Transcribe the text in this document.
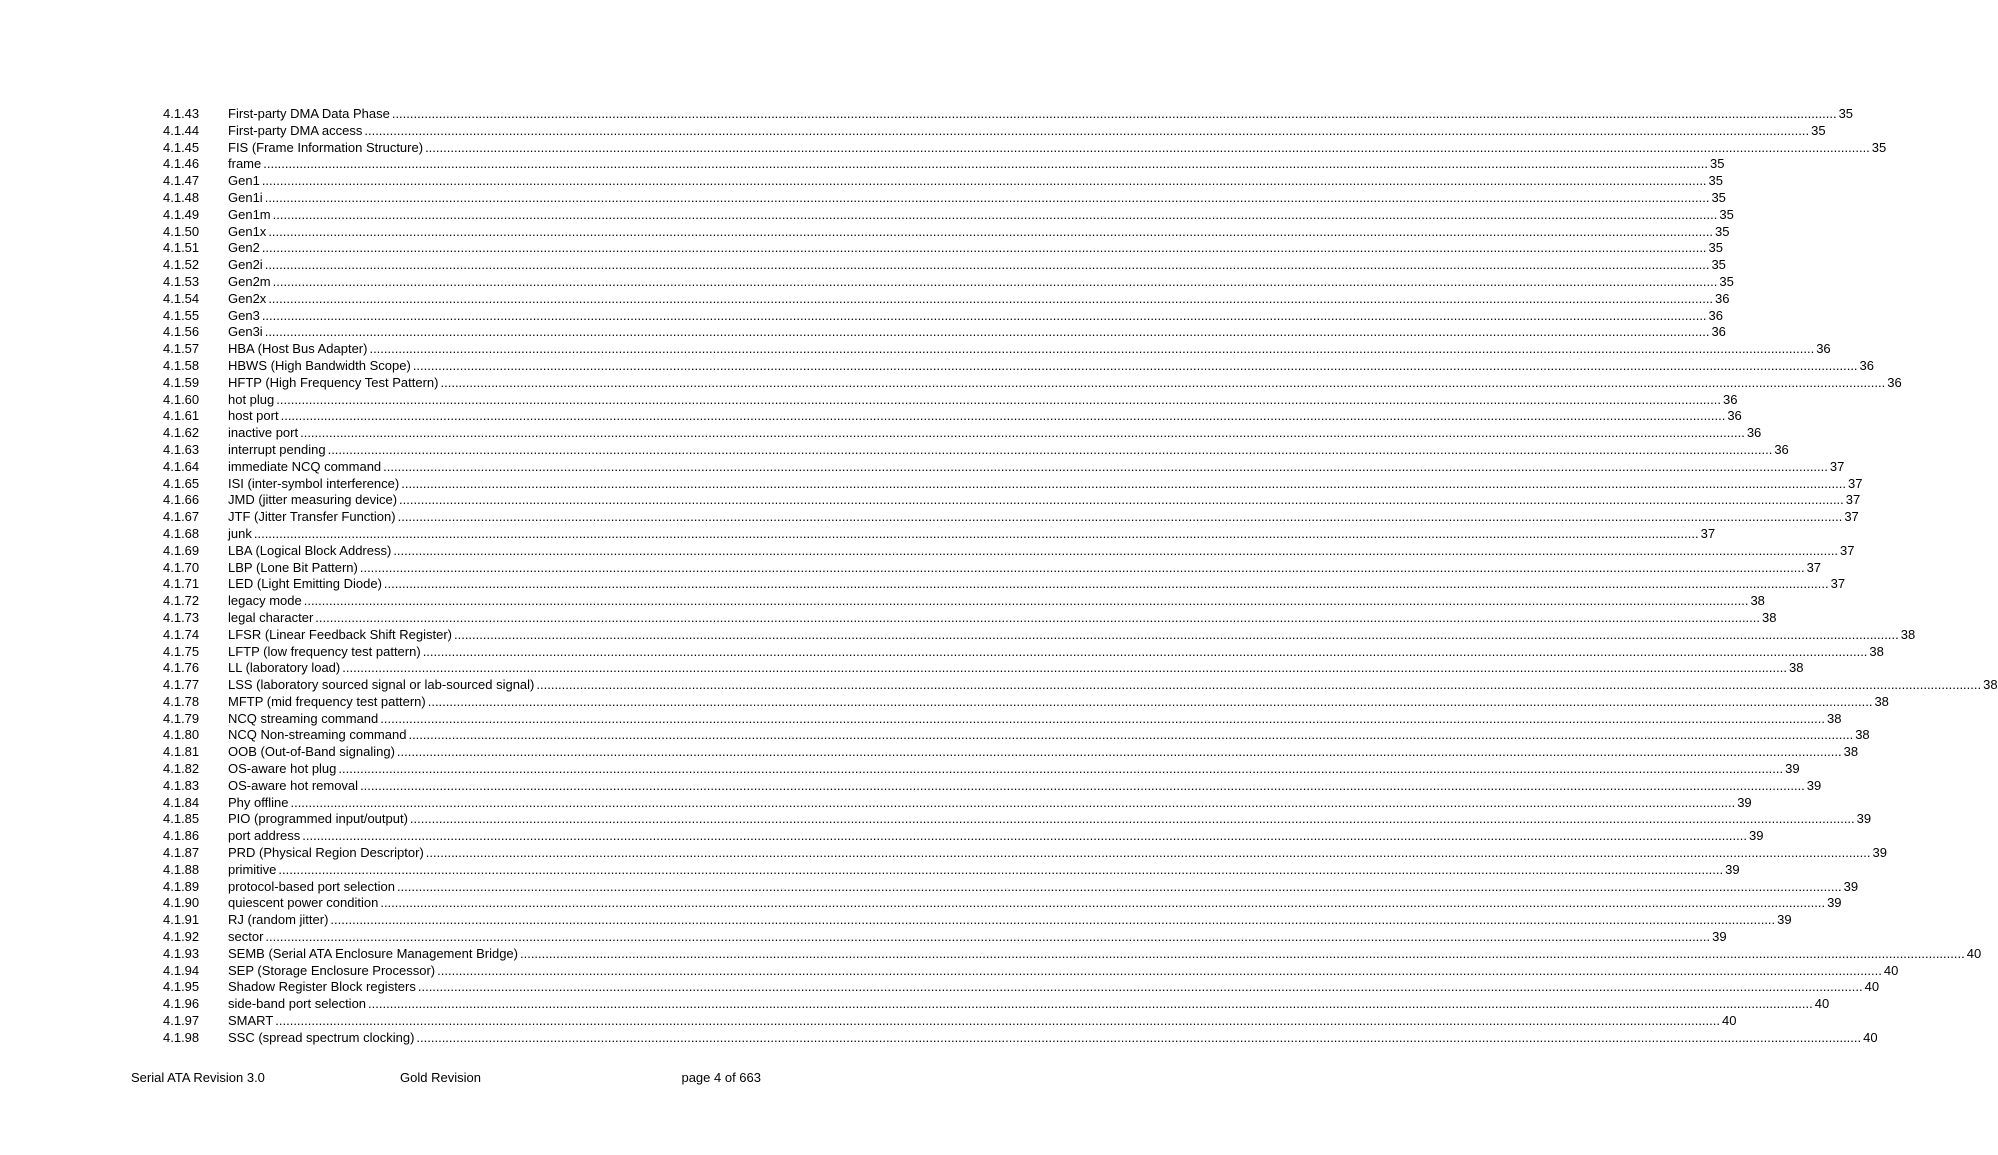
4.1.43 First-party DMA Data Phase ................................................................................................................................................................................................................................................................................................................................................................................................................ 35
4.1.44 First-party DMA access ................................................................................................................................................................................................................................................................................................................................................................................................................ 35
4.1.45 FIS (Frame Information Structure) ................................................................................................................................................................................................................................................................................................................................................................................................................ 35
4.1.46 frame ................................................................................................................................................................................................................................................................................................................................................................................................................ 35
4.1.47 Gen1 ................................................................................................................................................................................................................................................................................................................................................................................................................ 35
4.1.48 Gen1i ................................................................................................................................................................................................................................................................................................................................................................................................................ 35
4.1.49 Gen1m ................................................................................................................................................................................................................................................................................................................................................................................................................ 35
4.1.50 Gen1x ................................................................................................................................................................................................................................................................................................................................................................................................................ 35
4.1.51 Gen2 ................................................................................................................................................................................................................................................................................................................................................................................................................ 35
4.1.52 Gen2i ................................................................................................................................................................................................................................................................................................................................................................................................................ 35
4.1.53 Gen2m ................................................................................................................................................................................................................................................................................................................................................................................................................ 35
4.1.54 Gen2x ................................................................................................................................................................................................................................................................................................................................................................................................................ 36
4.1.55 Gen3 ................................................................................................................................................................................................................................................................................................................................................................................................................ 36
4.1.56 Gen3i ................................................................................................................................................................................................................................................................................................................................................................................................................ 36
4.1.57 HBA (Host Bus Adapter) ................................................................................................................................................................................................................................................................................................................................................................................................................ 36
4.1.58 HBWS (High Bandwidth Scope) ................................................................................................................................................................................................................................................................................................................................................................................................................ 36
4.1.59 HFTP (High Frequency Test Pattern) ................................................................................................................................................................................................................................................................................................................................................................................................................ 36
4.1.60 hot plug ................................................................................................................................................................................................................................................................................................................................................................................................................ 36
4.1.61 host port ................................................................................................................................................................................................................................................................................................................................................................................................................ 36
4.1.62 inactive port ................................................................................................................................................................................................................................................................................................................................................................................................................ 36
4.1.63 interrupt pending ................................................................................................................................................................................................................................................................................................................................................................................................................ 36
4.1.64 immediate NCQ command ................................................................................................................................................................................................................................................................................................................................................................................................................ 37
4.1.65 ISI (inter-symbol interference) ................................................................................................................................................................................................................................................................................................................................................................................................................ 37
4.1.66 JMD (jitter measuring device) ................................................................................................................................................................................................................................................................................................................................................................................................................ 37
4.1.67 JTF (Jitter Transfer Function) ................................................................................................................................................................................................................................................................................................................................................................................................................ 37
4.1.68 junk ................................................................................................................................................................................................................................................................................................................................................................................................................ 37
4.1.69 LBA (Logical Block Address) ................................................................................................................................................................................................................................................................................................................................................................................................................ 37
4.1.70 LBP (Lone Bit Pattern) ................................................................................................................................................................................................................................................................................................................................................................................................................ 37
4.1.71 LED (Light Emitting Diode) ................................................................................................................................................................................................................................................................................................................................................................................................................ 37
4.1.72 legacy mode ................................................................................................................................................................................................................................................................................................................................................................................................................ 38
4.1.73 legal character ................................................................................................................................................................................................................................................................................................................................................................................................................ 38
4.1.74 LFSR (Linear Feedback Shift Register) ................................................................................................................................................................................................................................................................................................................................................................................................................ 38
4.1.75 LFTP (low frequency test pattern) ................................................................................................................................................................................................................................................................................................................................................................................................................ 38
4.1.76 LL (laboratory load) ................................................................................................................................................................................................................................................................................................................................................................................................................ 38
4.1.77 LSS (laboratory sourced signal or lab-sourced signal) ................................................................................................................................................................................................................................................................................................................................................................................................................ 38
4.1.78 MFTP (mid frequency test pattern) ................................................................................................................................................................................................................................................................................................................................................................................................................ 38
4.1.79 NCQ streaming command ................................................................................................................................................................................................................................................................................................................................................................................................................ 38
4.1.80 NCQ Non-streaming command ................................................................................................................................................................................................................................................................................................................................................................................................................ 38
4.1.81 OOB (Out-of-Band signaling) ................................................................................................................................................................................................................................................................................................................................................................................................................ 38
4.1.82 OS-aware hot plug ................................................................................................................................................................................................................................................................................................................................................................................................................ 39
4.1.83 OS-aware hot removal ................................................................................................................................................................................................................................................................................................................................................................................................................ 39
4.1.84 Phy offline ................................................................................................................................................................................................................................................................................................................................................................................................................ 39
4.1.85 PIO (programmed input/output) ................................................................................................................................................................................................................................................................................................................................................................................................................ 39
4.1.86 port address ................................................................................................................................................................................................................................................................................................................................................................................................................ 39
4.1.87 PRD (Physical Region Descriptor) ................................................................................................................................................................................................................................................................................................................................................................................................................ 39
4.1.88 primitive ................................................................................................................................................................................................................................................................................................................................................................................................................ 39
4.1.89 protocol-based port selection ................................................................................................................................................................................................................................................................................................................................................................................................................ 39
4.1.90 quiescent power condition ................................................................................................................................................................................................................................................................................................................................................................................................................ 39
4.1.91 RJ (random jitter) ................................................................................................................................................................................................................................................................................................................................................................................................................ 39
4.1.92 sector ................................................................................................................................................................................................................................................................................................................................................................................................................ 39
4.1.93 SEMB (Serial ATA Enclosure Management Bridge) ................................................................................................................................................................................................................................................................................................................................................................................................................ 40
4.1.94 SEP (Storage Enclosure Processor) ................................................................................................................................................................................................................................................................................................................................................................................................................ 40
4.1.95 Shadow Register Block registers ................................................................................................................................................................................................................................................................................................................................................................................................................ 40
4.1.96 side-band port selection ................................................................................................................................................................................................................................................................................................................................................................................................................ 40
4.1.97 SMART ................................................................................................................................................................................................................................................................................................................................................................................................................ 40
4.1.98 SSC (spread spectrum clocking) ................................................................................................................................................................................................................................................................................................................................................................................................................ 40
Serial ATA Revision 3.0	Gold Revision	page 4 of 663
